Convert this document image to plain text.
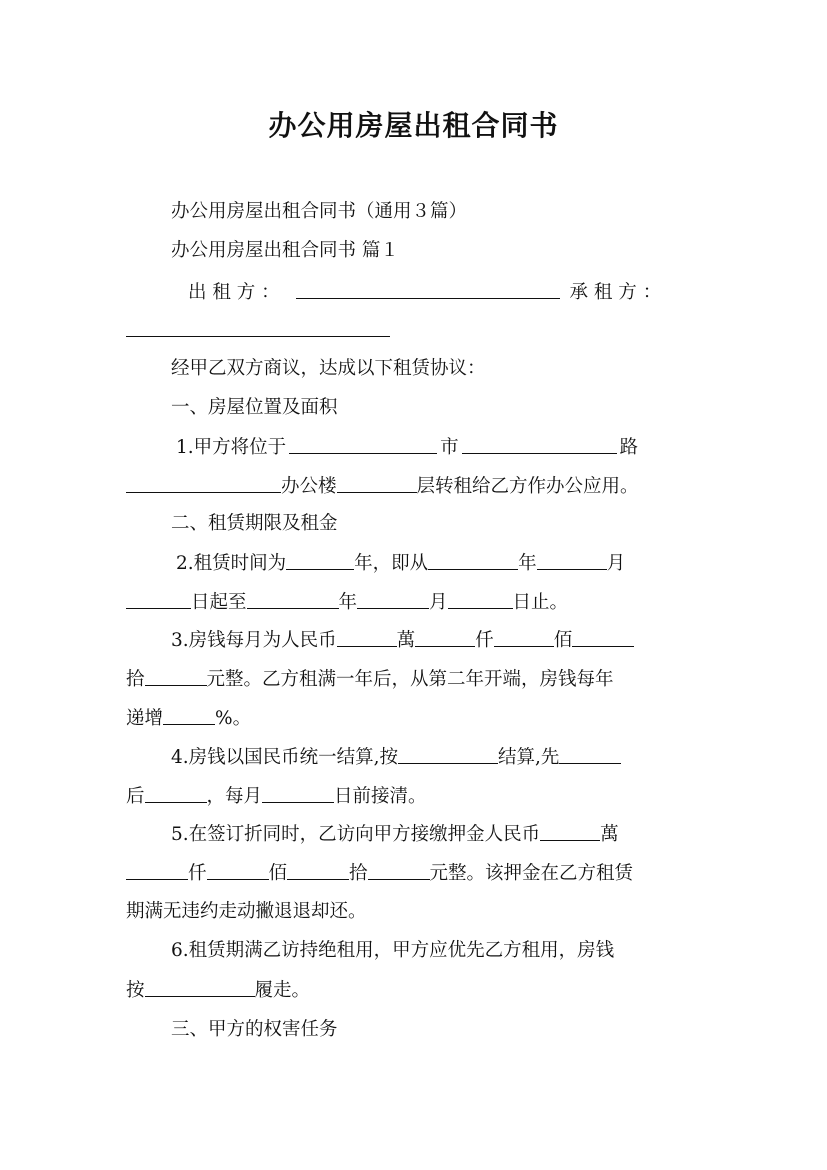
办公用房屋出租合同书
办公用房屋出租合同书（通用３篇）
办公用房屋出租合同书 篇１
出 租 方 ：	承 租 方 ：
经甲乙双方商议，达成以下租赁协议：
一、房屋位置及面积
1.甲方将位于	市	路
办公楼	层转租给乙方作办公应用。
二、租赁期限及租金
2.租赁时间为	年，即从	年	月
日起至	年	月	日止。
3.房钱每月为人民币	萬	仟	佰
拾	元整。乙方租满一年后，从第二年开端，房钱每年
递增	%。
4.房钱以国民币统一结算,按	结算,先
后	，每月	日前接清。
5.在签订折同时，乙访向甲方接缴押金人民币	萬
仟	佰	拾	元整。该押金在乙方租赁
期满无违约走动撇退退却还。
6.租赁期满乙访持绝租用，甲方应优先乙方租用，房钱
按	履走。
三、甲方的权害任务
